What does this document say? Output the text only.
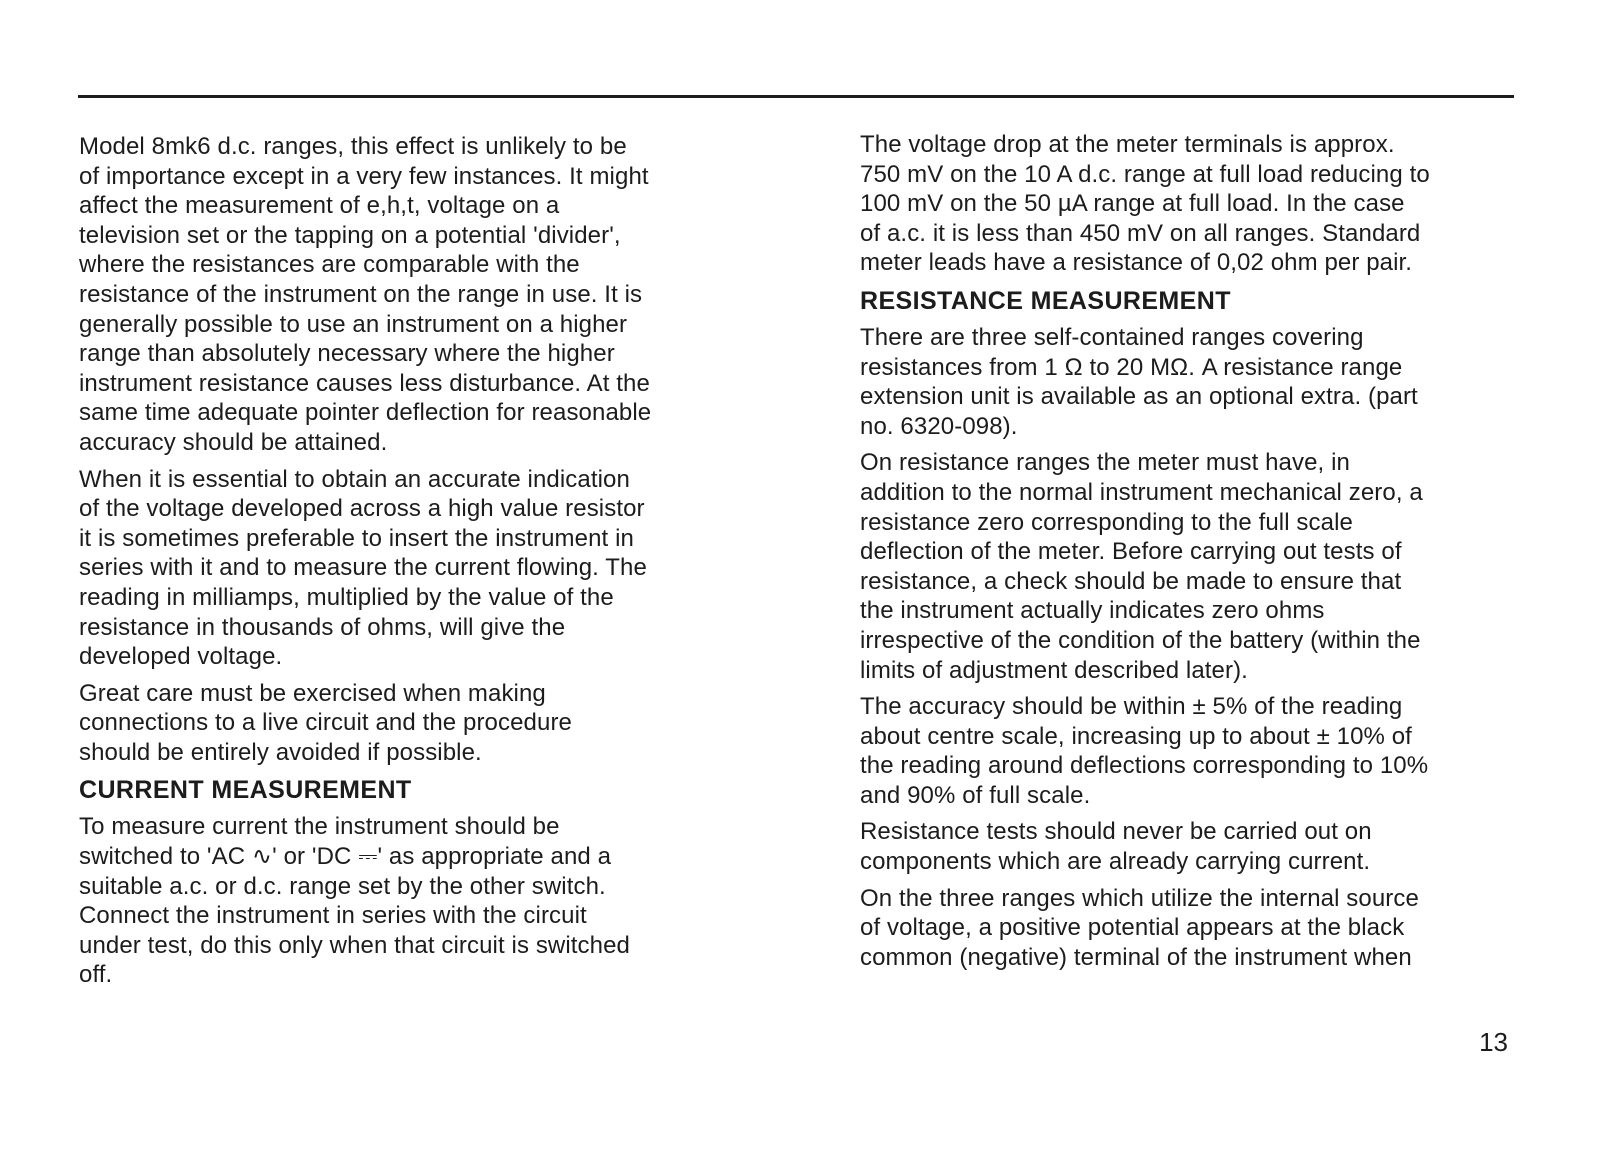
Model 8mk6 d.c. ranges, this effect is unlikely to be
of importance except in a very few instances. It might
affect the measurement of e,h,t, voltage on a
television set or the tapping on a potential 'divider',
where the resistances are comparable with the
resistance of the instrument on the range in use. It is
generally possible to use an instrument on a higher
range than absolutely necessary where the higher
instrument resistance causes less disturbance. At the
same time adequate pointer deflection for reasonable
accuracy should be attained.

When it is essential to obtain an accurate indication
of the voltage developed across a high value resistor
it is sometimes preferable to insert the instrument in
series with it and to measure the current flowing. The
reading in milliamps, multiplied by the value of the
resistance in thousands of ohms, will give the
developed voltage.

Great care must be exercised when making
connections to a live circuit and the procedure
should be entirely avoided if possible.

CURRENT MEASUREMENT

To measure current the instrument should be
switched to 'AC ∿' or 'DC ⎓' as appropriate and a
suitable a.c. or d.c. range set by the other switch.
Connect the instrument in series with the circuit
under test, do this only when that circuit is switched
off.

The voltage drop at the meter terminals is approx.
750 mV on the 10 A d.c. range at full load reducing to
100 mV on the 50 µA range at full load. In the case
of a.c. it is less than 450 mV on all ranges. Standard
meter leads have a resistance of 0,02 ohm per pair.

RESISTANCE MEASUREMENT

There are three self-contained ranges covering
resistances from 1 Ω to 20 MΩ. A resistance range
extension unit is available as an optional extra. (part
no. 6320-098).

On resistance ranges the meter must have, in
addition to the normal instrument mechanical zero, a
resistance zero corresponding to the full scale
deflection of the meter. Before carrying out tests of
resistance, a check should be made to ensure that
the instrument actually indicates zero ohms
irrespective of the condition of the battery (within the
limits of adjustment described later).

The accuracy should be within ± 5% of the reading
about centre scale, increasing up to about ± 10% of
the reading around deflections corresponding to 10%
and 90% of full scale.

Resistance tests should never be carried out on
components which are already carrying current.

On the three ranges which utilize the internal source
of voltage, a positive potential appears at the black
common (negative) terminal of the instrument when

13
